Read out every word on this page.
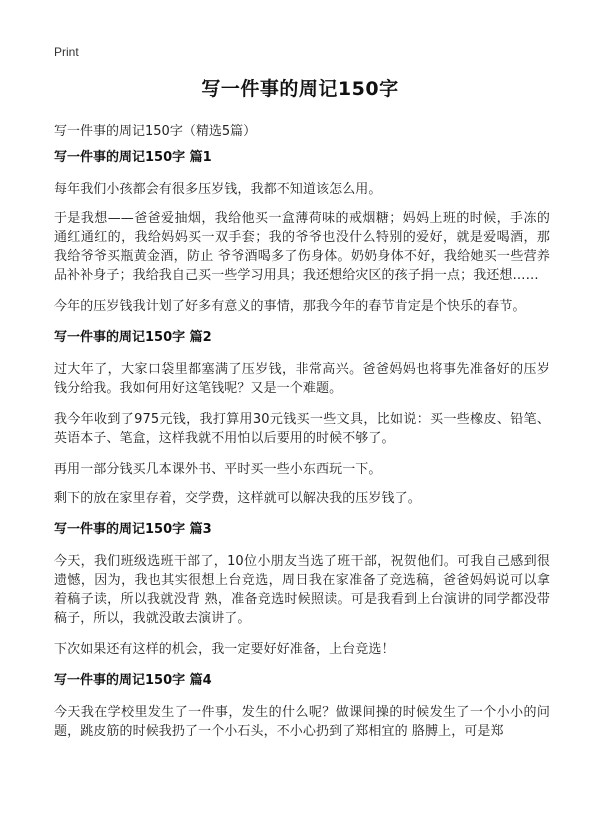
Print
写一件事的周记150字
写一件事的周记150字（精选5篇）
写一件事的周记150字 篇1

每年我们小孩都会有很多压岁钱，我都不知道该怎么用。

于是我想——爸爸爱抽烟，我给他买一盒薄荷味的戒烟糖；妈妈上班的时候，手冻的通红通红的，我给妈妈买一双手套；我的爷爷也没什么特别的爱好，就是爱喝酒，那我给爷爷买瓶黄金酒，防止 爷爷酒喝多了伤身体。奶奶身体不好，我给她买一些营养品补补身子；我给我自己买一些学习用具；我还想给灾区的孩子捐一点；我还想……

今年的压岁钱我计划了好多有意义的事情，那我今年的春节肯定是个快乐的春节。

写一件事的周记150字 篇2

过大年了，大家口袋里都塞满了压岁钱，非常高兴。爸爸妈妈也将事先准备好的压岁钱分给我。我如何用好这笔钱呢？又是一个难题。

我今年收到了975元钱，我打算用30元钱买一些文具，比如说：买一些橡皮、铅笔、英语本子、笔盒，这样我就不用怕以后要用的时候不够了。

再用一部分钱买几本课外书、平时买一些小东西玩一下。

剩下的放在家里存着，交学费，这样就可以解决我的压岁钱了。

写一件事的周记150字 篇3

今天，我们班级选班干部了，10位小朋友当选了班干部，祝贺他们。可我自己感到很遗憾，因为，我也其实很想上台竞选，周日我在家准备了竞选稿，爸爸妈妈说可以拿着稿子读，所以我就没背 熟，准备竞选时候照读。可是我看到上台演讲的同学都没带稿子，所以，我就没敢去演讲了。

下次如果还有这样的机会，我一定要好好准备，上台竞选！

写一件事的周记150字 篇4

今天我在学校里发生了一件事，发生的什么呢？做课间操的时候发生了一个小小的问题，跳皮筋的时候我扔了一个小石头，不小心扔到了郑相宜的 胳膊上，可是郑
